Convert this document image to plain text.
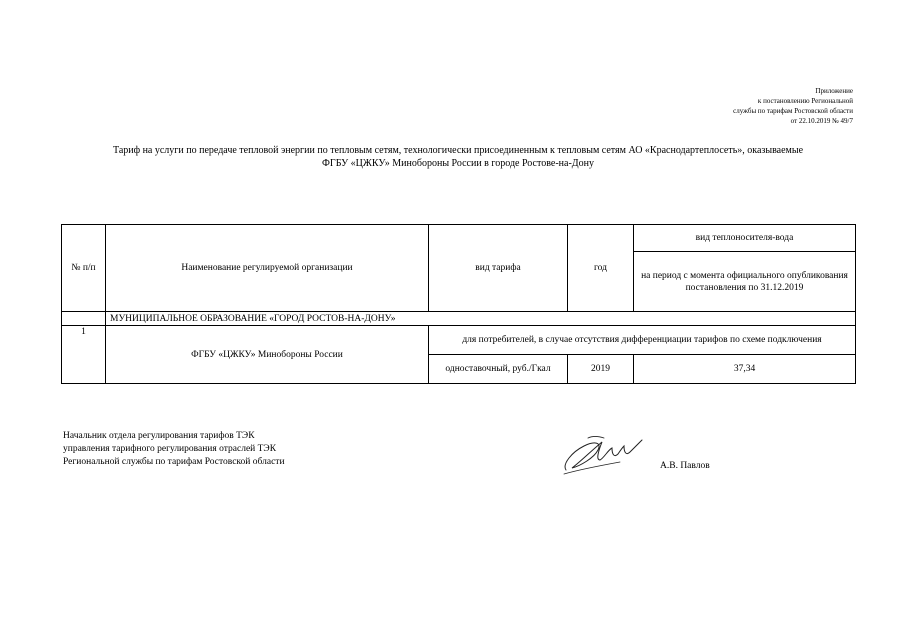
Приложение
к постановлению Региональной
службы по тарифам Ростовской области
от 22.10.2019 № 49/7
Тариф на услуги по передаче тепловой энергии по тепловым сетям, технологически присоединенным к тепловым сетям АО «Краснодартеплосеть», оказываемые
ФГБУ «ЦЖКУ» Минобороны России в городе Ростове-на-Дону
№ п/п	Наименование регулируемой организации	вид тарифа	год	вид теплоносителя-вода
				на период с момента официального опубликования постановления по 31.12.2019
	МУНИЦИПАЛЬНОЕ ОБРАЗОВАНИЕ «ГОРОД РОСТОВ-НА-ДОНУ»			
1	ФГБУ «ЦЖКУ» Минобороны России	для потребителей, в случае отсутствия дифференциации тарифов по схеме подключения		
		одноставочный, руб./Гкал	2019	37,34
Начальник отдела регулирования тарифов ТЭК
управления тарифного регулирования отраслей ТЭК
Региональной службы по тарифам Ростовской области	А.В. Павлов
